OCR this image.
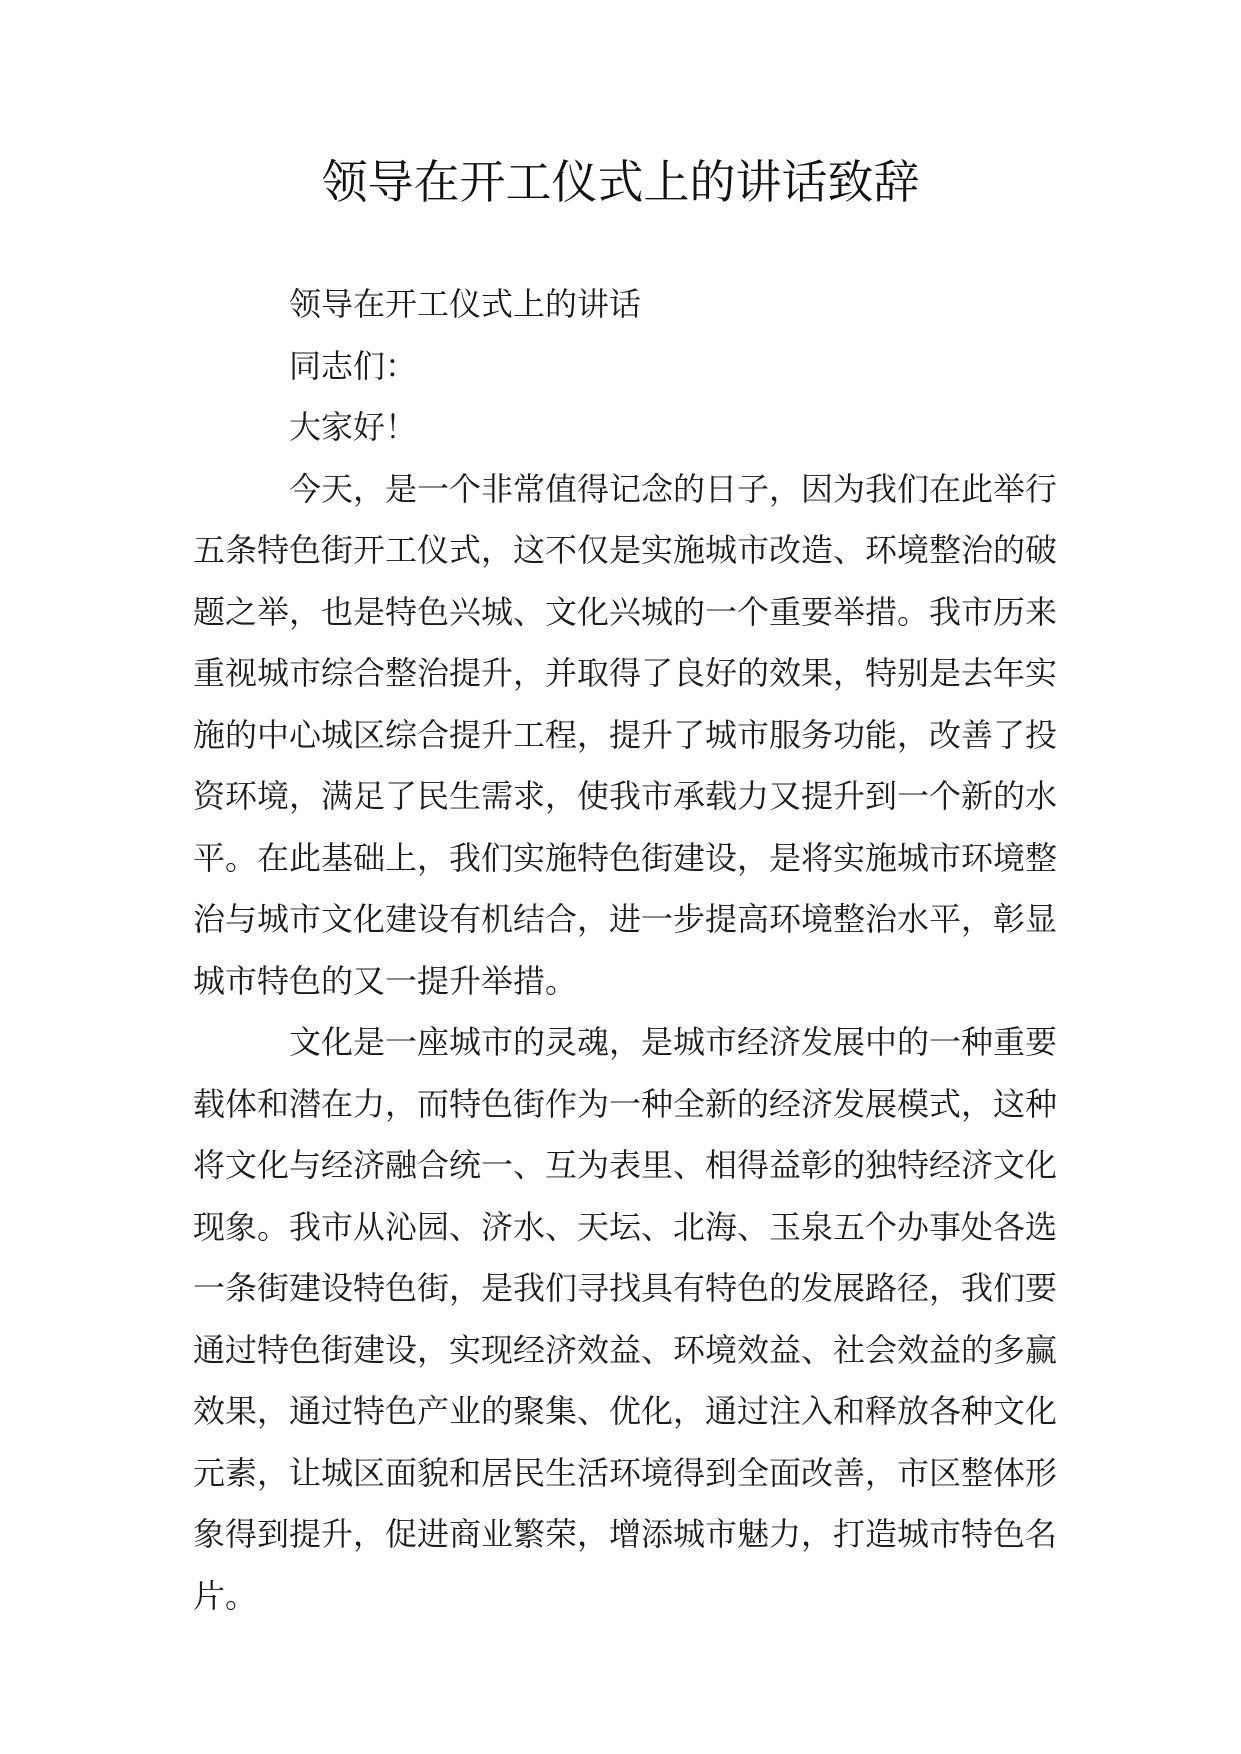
领导在开工仪式上的讲话致辞

领导在开工仪式上的讲话

同志们：

大家好！

今天，是一个非常值得记念的日子，因为我们在此举行五条特色街开工仪式，这不仅是实施城市改造、环境整治的破题之举，也是特色兴城、文化兴城的一个重要举措。我市历来重视城市综合整治提升，并取得了良好的效果，特别是去年实施的中心城区综合提升工程，提升了城市服务功能，改善了投资环境，满足了民生需求，使我市承载力又提升到一个新的水平。在此基础上，我们实施特色街建设，是将实施城市环境整治与城市文化建设有机结合，进一步提高环境整治水平，彰显城市特色的又一提升举措。

文化是一座城市的灵魂，是城市经济发展中的一种重要载体和潜在力，而特色街作为一种全新的经济发展模式，这种将文化与经济融合统一、互为表里、相得益彰的独特经济文化现象。我市从沁园、济水、天坛、北海、玉泉五个办事处各选一条街建设特色街，是我们寻找具有特色的发展路径，我们要通过特色街建设，实现经济效益、环境效益、社会效益的多赢效果，通过特色产业的聚集、优化，通过注入和释放各种文化元素，让城区面貌和居民生活环境得到全面改善，市区整体形象得到提升，促进商业繁荣，增添城市魅力，打造城市特色名片。
